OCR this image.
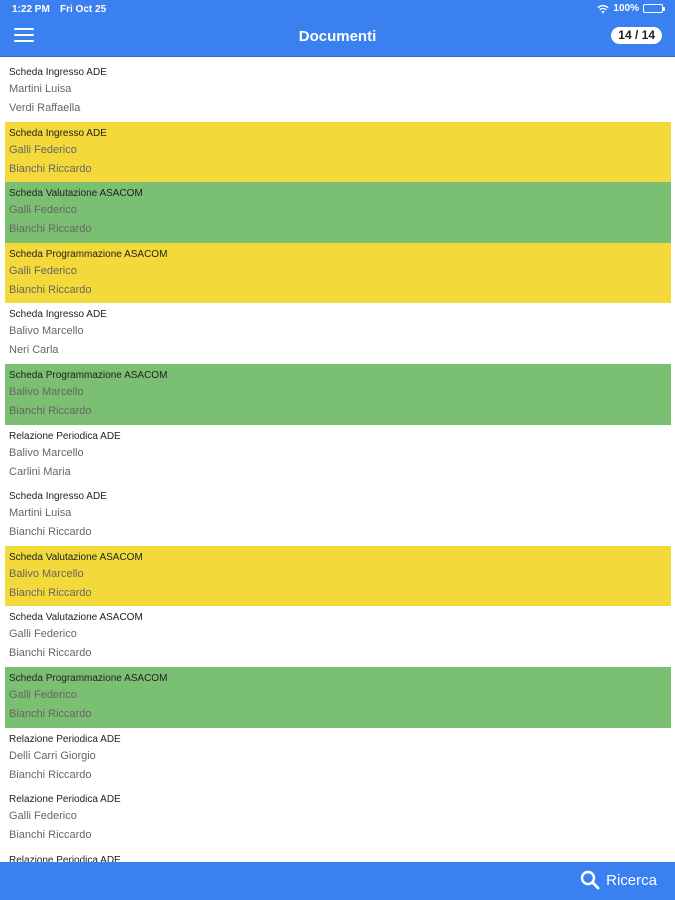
1:22 PM Fri Oct 25	100%
Documenti	14 / 14
Scheda Ingresso ADE
Martini Luisa
Verdi Raffaella
Scheda Ingresso ADE
Galli Federico
Bianchi Riccardo
Scheda Valutazione ASACOM
Galli Federico
Bianchi Riccardo
Scheda Programmazione ASACOM
Galli Federico
Bianchi Riccardo
Scheda Ingresso ADE
Balivo Marcello
Neri Carla
Scheda Programmazione ASACOM
Balivo Marcello
Bianchi Riccardo
Relazione Periodica ADE
Balivo Marcello
Carlini Maria
Scheda Ingresso ADE
Martini Luisa
Bianchi Riccardo
Scheda Valutazione ASACOM
Balivo Marcello
Bianchi Riccardo
Scheda Valutazione ASACOM
Galli Federico
Bianchi Riccardo
Scheda Programmazione ASACOM
Galli Federico
Bianchi Riccardo
Relazione Periodica ADE
Delli Carri Giorgio
Bianchi Riccardo
Relazione Periodica ADE
Galli Federico
Bianchi Riccardo
Relazione Periodica ADE
Ricerca
